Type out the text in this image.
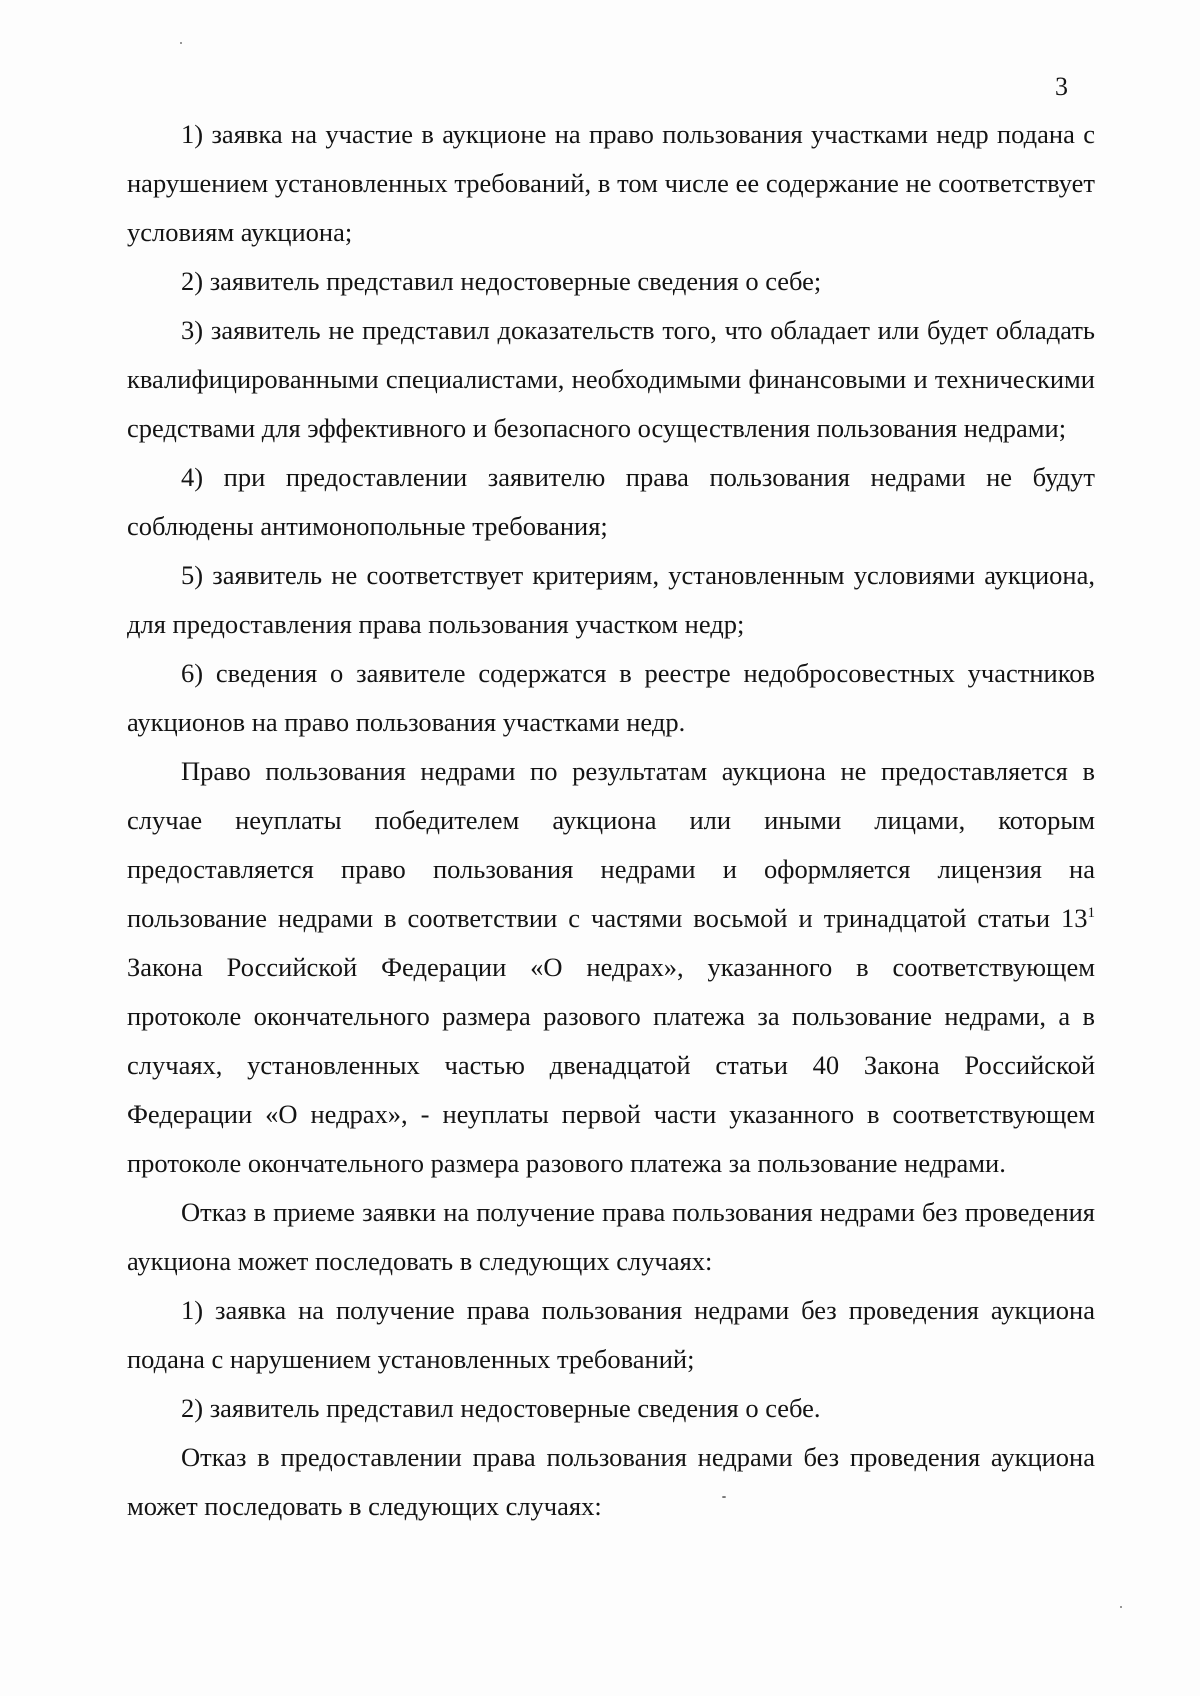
3

1) заявка на участие в аукционе на право пользования участками недр подана с нарушением установленных требований, в том числе ее содержание не соответствует условиям аукциона;

2) заявитель представил недостоверные сведения о себе;

3) заявитель не представил доказательств того, что обладает или будет обладать квалифицированными специалистами, необходимыми финансовыми и техническими средствами для эффективного и безопасного осуществления пользования недрами;

4) при предоставлении заявителю права пользования недрами не будут соблюдены антимонопольные требования;

5) заявитель не соответствует критериям, установленным условиями аукциона, для предоставления права пользования участком недр;

6) сведения о заявителе содержатся в реестре недобросовестных участников аукционов на право пользования участками недр.

Право пользования недрами по результатам аукциона не предоставляется в случае неуплаты победителем аукциона или иными лицами, которым предоставляется право пользования недрами и оформляется лицензия на пользование недрами в соответствии с частями восьмой и тринадцатой статьи $13^1$ Закона Российской Федерации «О недрах», указанного в соответствующем протоколе окончательного размера разового платежа за пользование недрами, а в случаях, установленных частью двенадцатой статьи 40 Закона Российской Федерации «О недрах», - неуплаты первой части указанного в соответствующем протоколе окончательного размера разового платежа за пользование недрами.

Отказ в приеме заявки на получение права пользования недрами без проведения аукциона может последовать в следующих случаях:

1) заявка на получение права пользования недрами без проведения аукциона подана с нарушением установленных требований;

2) заявитель представил недостоверные сведения о себе.

Отказ в предоставлении права пользования недрами без проведения аукциона может последовать в следующих случаях:
